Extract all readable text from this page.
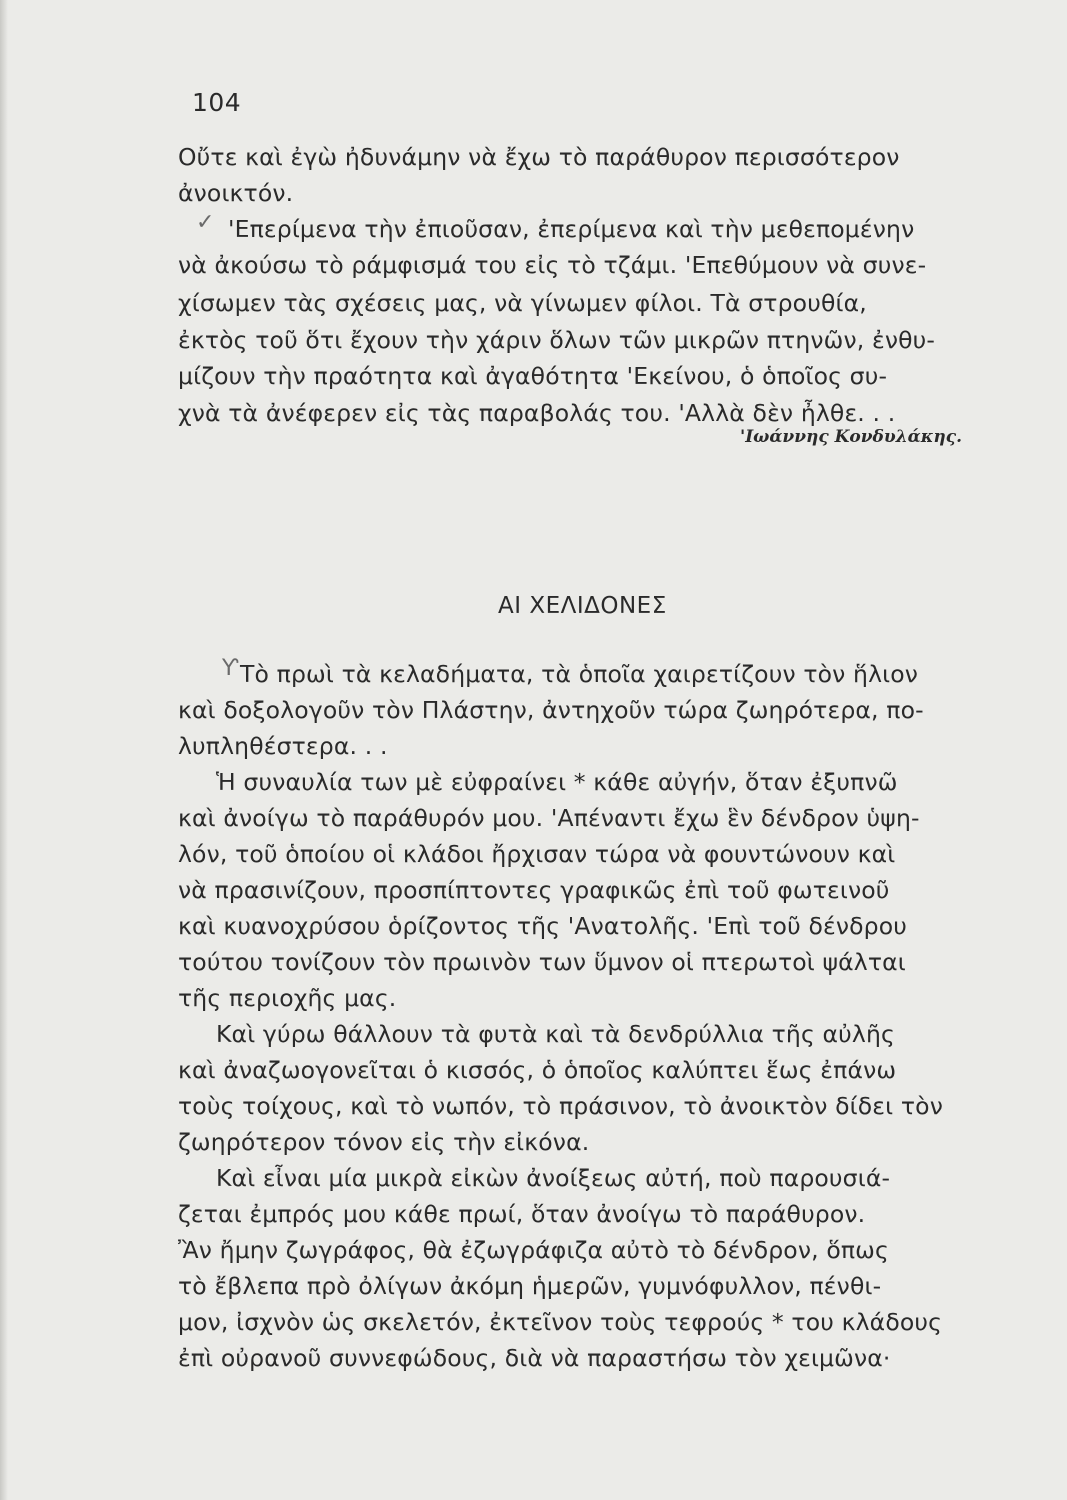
104
Οὔτε καὶ ἐγὼ ἠδυνάμην νὰ ἔχω τὸ παράθυρον περισσότερον
ἀνοικτόν.
✓ 'Επερίμενα τὴν ἐπιοῦσαν, ἐπερίμενα καὶ τὴν μεθεπομένην
νὰ ἀκούσω τὸ ράμφισμά του εἰς τὸ τζάμι. 'Επεθύμουν νὰ συνε-
χίσωμεν τὰς σχέσεις μας, νὰ γίνωμεν φίλοι. Τὰ στρουθία,
ἐκτὸς τοῦ ὅτι ἔχουν τὴν χάριν ὅλων τῶν μικρῶν πτηνῶν, ἐνθυ-
μίζουν τὴν πραότητα καὶ ἀγαθότητα 'Εκείνου, ὁ ὁποῖος συ-
χνὰ τὰ ἀνέφερεν εἰς τὰς παραβολάς του. 'Αλλὰ δὲν ἦλθε. . .
'Ιωάννης Κονδυλάκης.
ΑΙ ΧΕΛΙΔΟΝΕΣ
Ƴ Τὸ πρωὶ τὰ κελαδήματα, τὰ ὁποῖα χαιρετίζουν τὸν ἥλιον
καὶ δοξολογοῦν τὸν Πλάστην, ἀντηχοῦν τώρα ζωηρότερα, πο-
λυπληθέστερα. . .
Ἡ συναυλία των μὲ εὐφραίνει * κάθε αὐγήν, ὅταν ἐξυπνῶ
καὶ ἀνοίγω τὸ παράθυρόν μου. 'Απέναντι ἔχω ἓν δένδρον ὑψη-
λόν, τοῦ ὁποίου οἱ κλάδοι ἤρχισαν τώρα νὰ φουντώνουν καὶ
νὰ πρασινίζουν, προσπίπτοντες γραφικῶς ἐπὶ τοῦ φωτεινοῦ
καὶ κυανοχρύσου ὁρίζοντος τῆς 'Ανατολῆς. 'Επὶ τοῦ δένδρου
τούτου τονίζουν τὸν πρωινὸν των ὕμνον οἱ πτερωτοὶ ψάλται
τῆς περιοχῆς μας.
Καὶ γύρω θάλλουν τὰ φυτὰ καὶ τὰ δενδρύλλια τῆς αὐλῆς
καὶ ἀναζωογονεῖται ὁ κισσός, ὁ ὁποῖος καλύπτει ἕως ἐπάνω
τοὺς τοίχους, καὶ τὸ νωπόν, τὸ πράσινον, τὸ ἀνοικτὸν δίδει τὸν
ζωηρότερον τόνον εἰς τὴν εἰκόνα.
Καὶ εἶναι μία μικρὰ εἰκὼν ἀνοίξεως αὐτή, ποὺ παρουσιά-
ζεται ἐμπρός μου κάθε πρωί, ὅταν ἀνοίγω τὸ παράθυρον.
Ἂν ἤμην ζωγράφος, θὰ ἐζωγράφιζα αὐτὸ τὸ δένδρον, ὅπως
τὸ ἔβλεπα πρὸ ὀλίγων ἀκόμη ἡμερῶν, γυμνόφυλλον, πένθι-
μον, ἰσχνὸν ὡς σκελετόν, ἐκτεῖνον τοὺς τεφρούς * του κλάδους
ἐπὶ οὐρανοῦ συννεφώδους, διὰ νὰ παραστήσω τὸν χειμῶνα·
